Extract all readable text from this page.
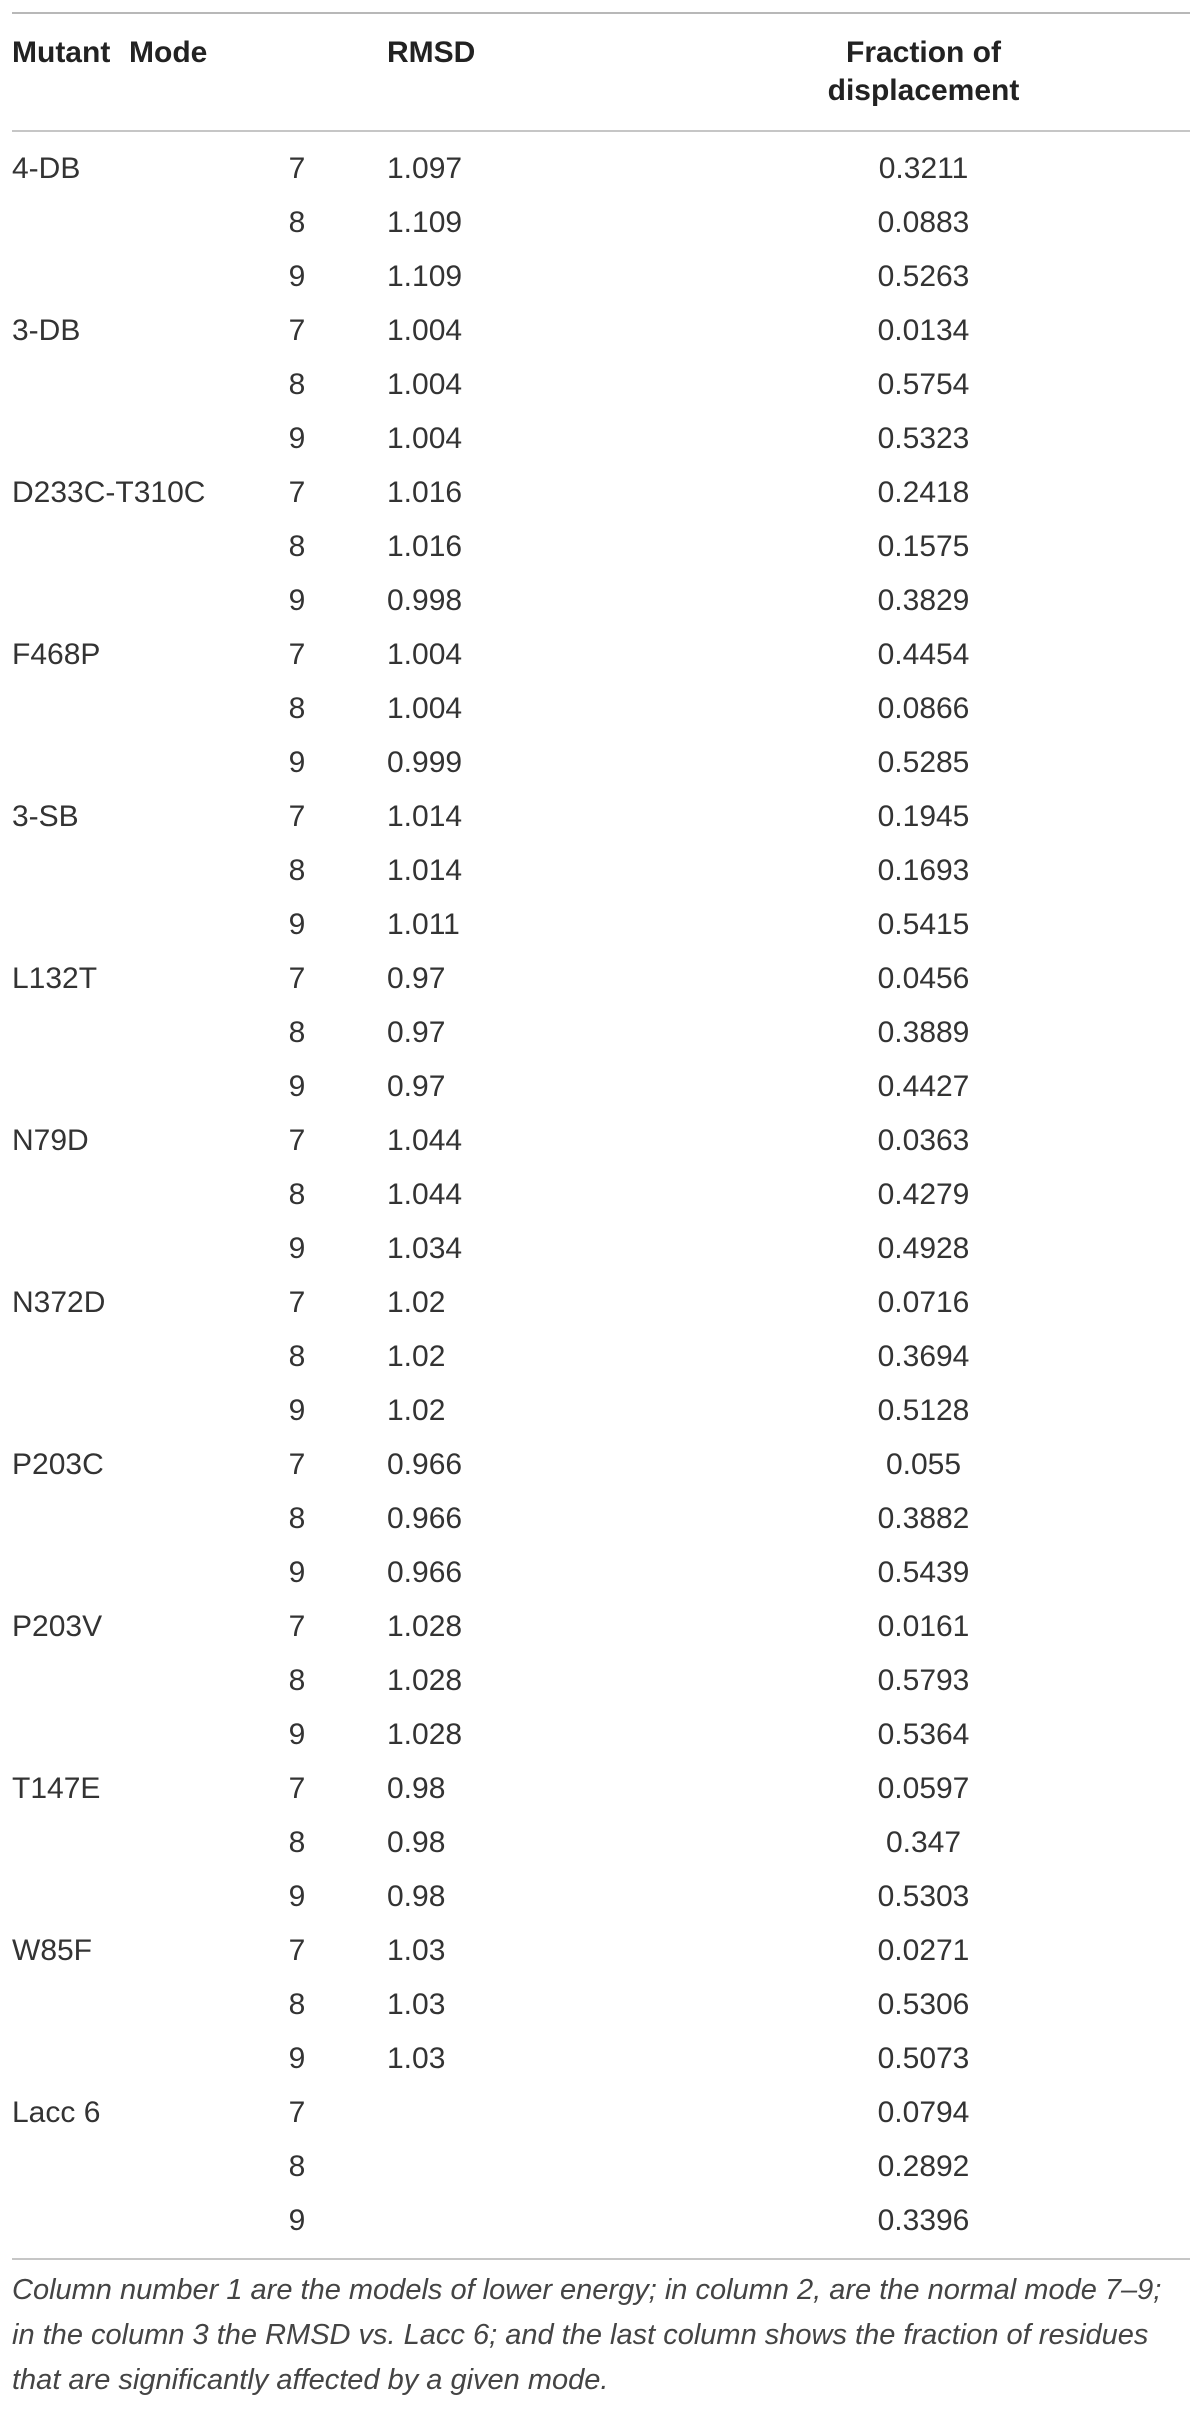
Mutant		Mode	RMSD	Fraction of
displacement
4-DB		7 1.097	0.3211

		8 1.109	0.0883

		9 1.109	0.5263
3-DB		7 1.004	0.0134

		8 1.004	0.5754

		9 1.004	0.5323
D233C-T310C		7 1.016	0.2418

		8 1.016	0.1575

		9 0.998	0.3829
F468P		7 1.004	0.4454

		8 1.004	0.0866

		9 0.999	0.5285
3-SB		7 1.014	0.1945

		8 1.014	0.1693

		9 1.011	0.5415
L132T		7 0.97	0.0456

		8 0.97	0.3889

		9 0.97	0.4427
N79D		7 1.044	0.0363

		8 1.044	0.4279

		9 1.034	0.4928
N372D		7 1.02	0.0716

		8 1.02	0.3694

		9 1.02	0.5128
P203C		7 0.966	0.055

		8 0.966	0.3882

		9 0.966	0.5439
P203V		7 1.028	0.0161

		8 1.028	0.5793

		9 1.028	0.5364
T147E		7 0.98	0.0597

		8 0.98	0.347

		9 0.98	0.5303
W85F		7 1.03	0.0271

		8 1.03	0.5306

		9 1.03	0.5073
Lacc 6		7	0.0794

		8	0.2892

		9	0.3396
Column number 1 are the models of lower energy; in column 2, are the normal mode 7–9; in the column 3 the RMSD vs. Lacc 6; and the last column shows the fraction of residues that are significantly affected by a given mode.
